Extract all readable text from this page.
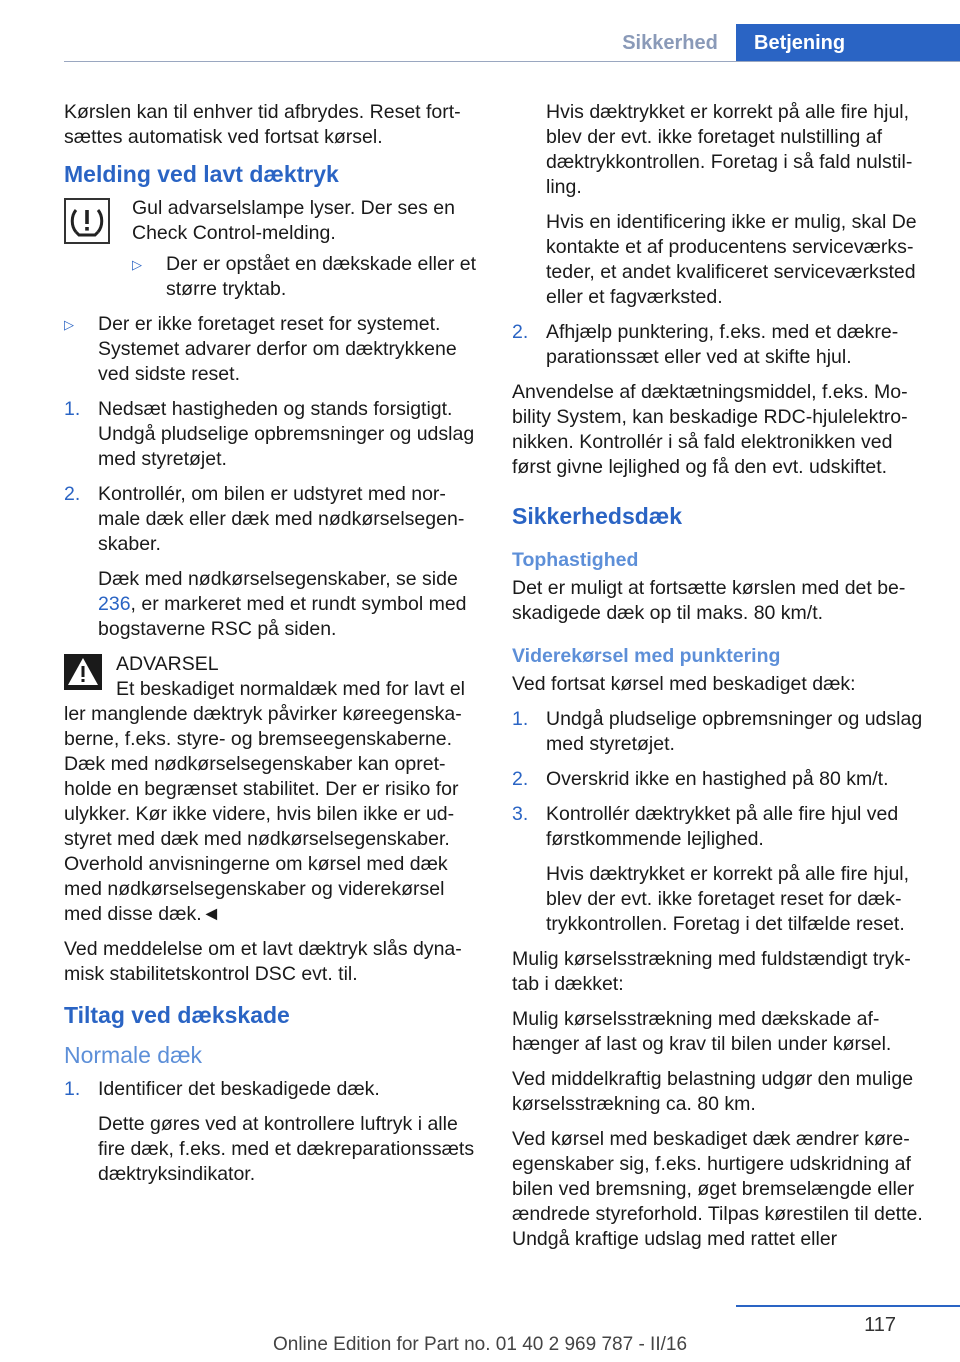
Sikkerhed	Betjening

Kørslen kan til enhver tid afbrydes. Reset fortsættes automatisk ved fortsat kørsel.

Melding ved lavt dæktryk

Gul advarselslampe lyser. Der ses en Check Control-melding.

▷ Der er opstået en dækskade eller et større tryktab.
▷ Der er ikke foretaget reset for systemet. Systemet advarer derfor om dæktrykkene ved sidste reset.
1. Nedsæt hastigheden og stands forsigtigt. Undgå pludselige opbremsninger og udslag med styretøjet.
2. Kontrollér, om bilen er udstyret med normale dæk eller dæk med nødkørselsegenskaber.
Dæk med nødkørselsegenskaber, se side 236, er markeret med et rundt symbol med bogstaverne RSC på siden.
ADVARSEL
Et beskadiget normaldæk med for lavt el
ler manglende dæktryk påvirker køreegenskaberne, f.eks. styre- og bremseegenskaberne. Dæk med nødkørselsegenskaber kan opretholde en begrænset stabilitet. Der er risiko for ulykker. Kør ikke videre, hvis bilen ikke er udstyret med dæk med nødkørselsegenskaber. Overhold anvisningerne om kørsel med dæk med nødkørselsegenskaber og viderekørsel med disse dæk.◄

Ved meddelelse om et lavt dæktryk slås dynamisk stabilitetskontrol DSC evt. til.

Tiltag ved dækskade
Normale dæk
1. Identificer det beskadigede dæk.
Dette gøres ved at kontrollere luftryk i alle fire dæk, f.eks. med et dækreparationssæts dæktryksindikator.

Hvis dæktrykket er korrekt på alle fire hjul, blev der evt. ikke foretaget nulstilling af dæktrykkontrollen. Foretag i så fald nulstilling.

Hvis en identificering ikke er mulig, skal De kontakte et af producentens serviceværksteder, et andet kvalificeret serviceværksted eller et fagværksted.

2. Afhjælp punktering, f.eks. med et dækreparationssæt eller ved at skifte hjul.

Anvendelse af dæktætningsmiddel, f.eks. Mobility System, kan beskadige RDC-hjulelektronikken. Kontrollér i så fald elektronikken ved først givne lejlighed og få den evt. udskiftet.

Sikkerhedsdæk
Tophastighed

Det er muligt at fortsætte kørslen med det beskadigede dæk op til maks. 80 km/t.

Viderekørsel med punktering

Ved fortsat kørsel med beskadiget dæk:

1. Undgå pludselige opbremsninger og udslag med styretøjet.
2. Overskrid ikke en hastighed på 80 km/t.
3. Kontrollér dæktrykket på alle fire hjul ved førstkommende lejlighed.
Hvis dæktrykket er korrekt på alle fire hjul, blev der evt. ikke foretaget reset for dæktrykkontrollen. Foretag i det tilfælde reset.

Mulig kørselsstrækning med fuldstændigt tryktab i dækket:

Mulig kørselsstrækning med dækskade afhænger af last og krav til bilen under kørsel.

Ved middelkraftig belastning udgør den mulige kørselsstrækning ca. 80 km.

Ved kørsel med beskadiget dæk ændrer køreegenskaber sig, f.eks. hurtigere udskridning af bilen ved bremsning, øget bremselængde eller ændrede styreforhold. Tilpas kørestilen til dette. Undgå kraftige udslag med rattet eller

117
Online Edition for Part no. 01 40 2 969 787 - II/16
